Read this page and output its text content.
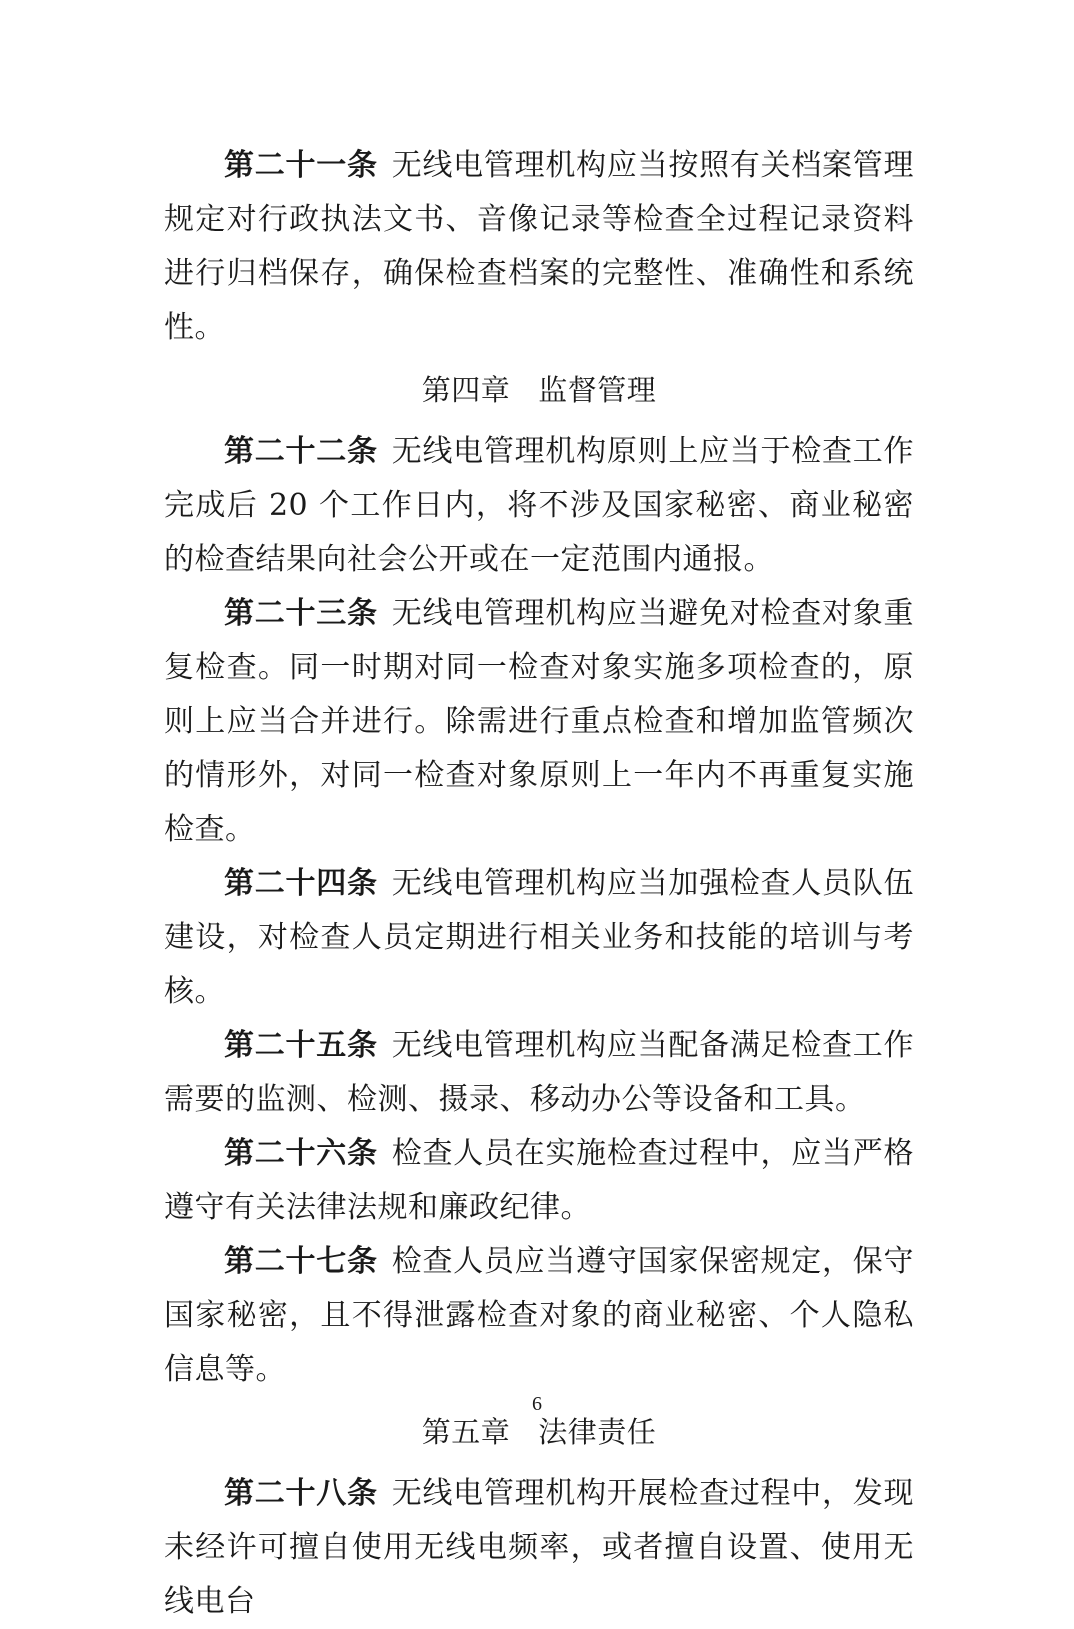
第二十一条 无线电管理机构应当按照有关档案管理规定对行政执法文书、音像记录等检查全过程记录资料进行归档保存，确保检查档案的完整性、准确性和系统性。

第四章 监督管理

第二十二条 无线电管理机构原则上应当于检查工作完成后 20 个工作日内，将不涉及国家秘密、商业秘密的检查结果向社会公开或在一定范围内通报。

第二十三条 无线电管理机构应当避免对检查对象重复检查。同一时期对同一检查对象实施多项检查的，原则上应当合并进行。除需进行重点检查和增加监管频次的情形外，对同一检查对象原则上一年内不再重复实施检查。

第二十四条 无线电管理机构应当加强检查人员队伍建设，对检查人员定期进行相关业务和技能的培训与考核。

第二十五条 无线电管理机构应当配备满足检查工作需要的监测、检测、摄录、移动办公等设备和工具。

第二十六条 检查人员在实施检查过程中，应当严格遵守有关法律法规和廉政纪律。

第二十七条 检查人员应当遵守国家保密规定，保守国家秘密，且不得泄露检查对象的商业秘密、个人隐私信息等。

第五章 法律责任

第二十八条 无线电管理机构开展检查过程中，发现未经许可擅自使用无线电频率，或者擅自设置、使用无线电台

6
